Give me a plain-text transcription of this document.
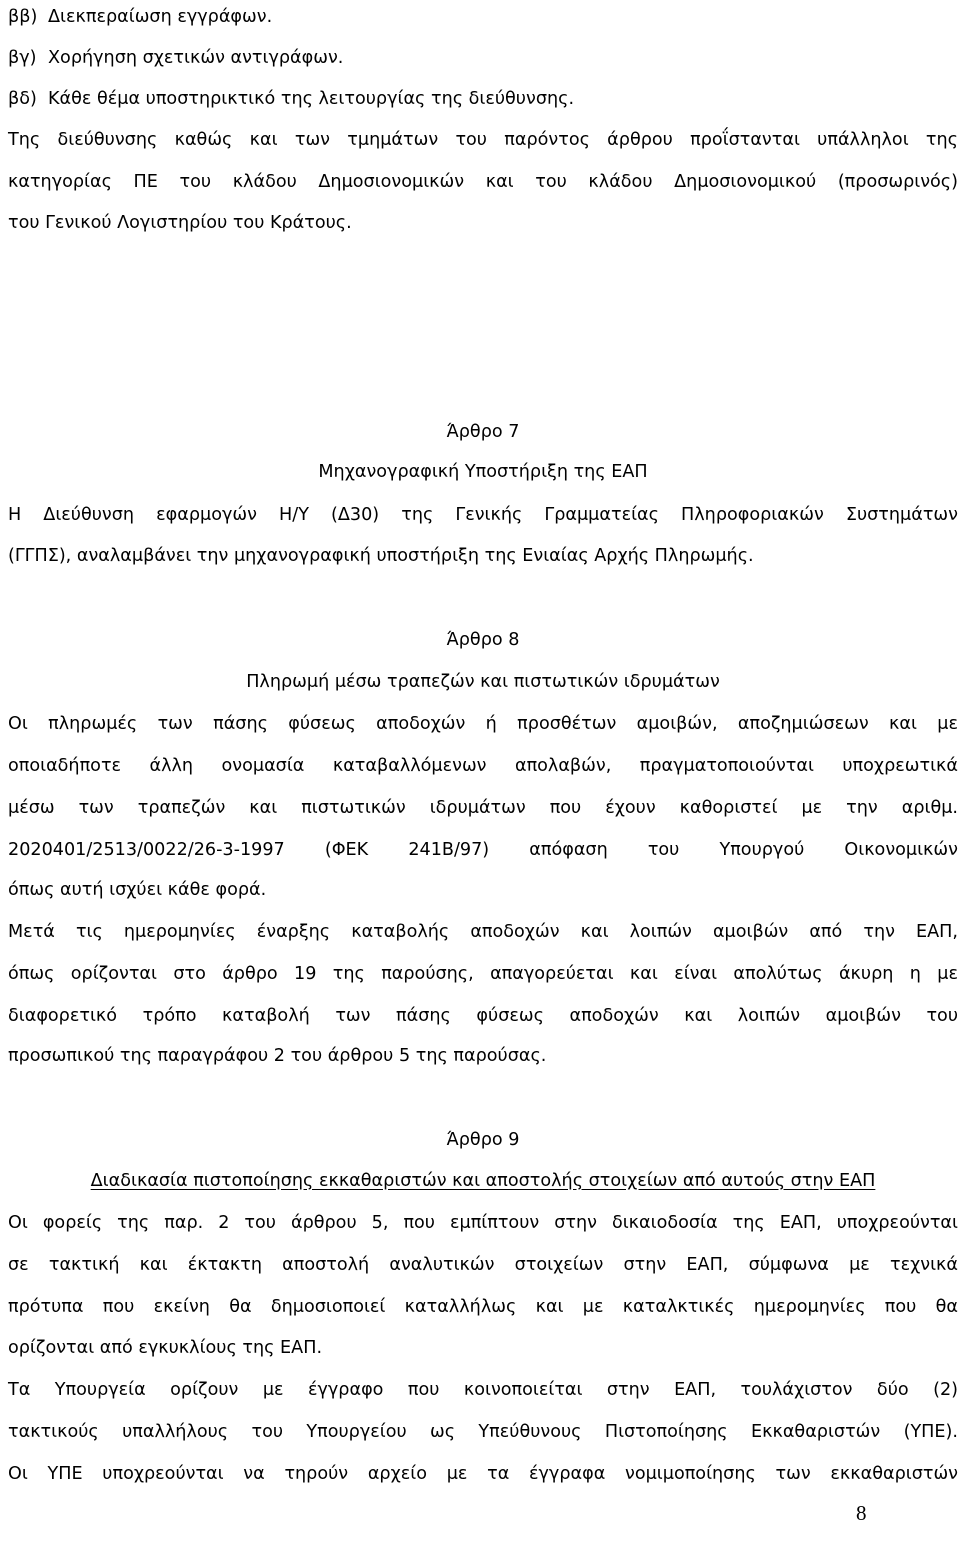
ββ) Διεκπεραίωση εγγράφων.
βγ) Χορήγηση σχετικών αντιγράφων.
βδ) Κάθε θέμα υποστηρικτικό της λειτουργίας της διεύθυνσης.
Της διεύθυνσης καθώς και των τμημάτων του παρόντος άρθρου προΐστανται υπάλληλοι της
κατηγορίας ΠΕ του κλάδου Δημοσιονομικών και του κλάδου Δημοσιονομικού (προσωρινός)
του Γενικού Λογιστηρίου του Κράτους.
Άρθρο 7
Μηχανογραφική Υποστήριξη της ΕΑΠ
Η Διεύθυνση εφαρμογών Η/Υ (Δ30) της Γενικής Γραμματείας Πληροφοριακών Συστημάτων
(ΓΓΠΣ), αναλαμβάνει την μηχανογραφική υποστήριξη της Ενιαίας Αρχής Πληρωμής.
Άρθρο 8
Πληρωμή μέσω τραπεζών και πιστωτικών ιδρυμάτων
Οι πληρωμές των πάσης φύσεως αποδοχών ή προσθέτων αμοιβών, αποζημιώσεων και με
οποιαδήποτε άλλη ονομασία καταβαλλόμενων απολαβών, πραγματοποιούνται υποχρεωτικά
μέσω των τραπεζών και πιστωτικών ιδρυμάτων που έχουν καθοριστεί με την αριθμ.
2020401/2513/0022/26-3-1997 (ΦΕΚ 241Β/97) απόφαση του Υπουργού Οικονομικών
όπως αυτή ισχύει κάθε φορά.
Μετά τις ημερομηνίες έναρξης καταβολής αποδοχών και λοιπών αμοιβών από την ΕΑΠ,
όπως ορίζονται στο άρθρο 19 της παρούσης, απαγορεύεται και είναι απολύτως άκυρη η με
διαφορετικό τρόπο καταβολή των πάσης φύσεως αποδοχών και λοιπών αμοιβών του
προσωπικού της παραγράφου 2 του άρθρου 5 της παρούσας.
Άρθρο 9
Διαδικασία πιστοποίησης εκκαθαριστών και αποστολής στοιχείων από αυτούς στην ΕΑΠ
Οι φορείς της παρ. 2 του άρθρου 5, που εμπίπτουν στην δικαιοδοσία της ΕΑΠ, υποχρεούνται
σε τακτική και έκτακτη αποστολή αναλυτικών στοιχείων στην ΕΑΠ, σύμφωνα με τεχνικά
πρότυπα που εκείνη θα δημοσιοποιεί καταλλήλως και με καταλκτικές ημερομηνίες που θα
ορίζονται από εγκυκλίους της ΕΑΠ.
Τα Υπουργεία ορίζουν με έγγραφο που κοινοποιείται στην ΕΑΠ, τουλάχιστον δύο (2)
τακτικούς υπαλλήλους του Υπουργείου ως Υπεύθυνους Πιστοποίησης Εκκαθαριστών (ΥΠΕ).
Οι ΥΠΕ υποχρεούνται να τηρούν αρχείο με τα έγγραφα νομιμοποίησης των εκκαθαριστών
8
